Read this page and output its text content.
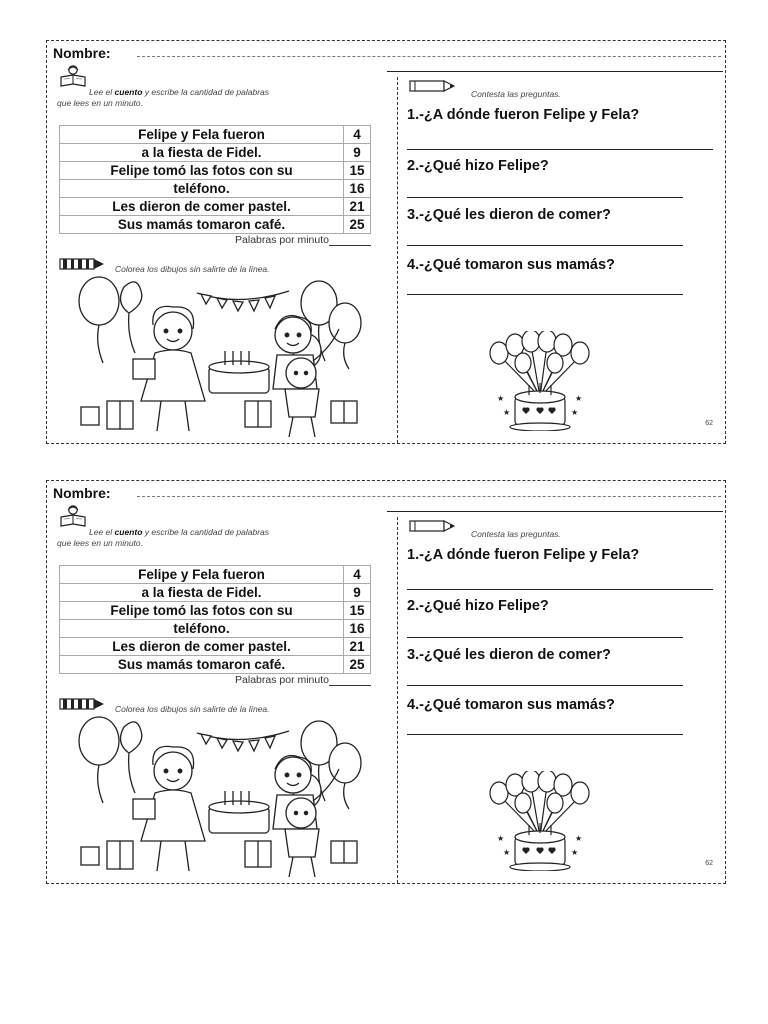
Nombre:
Lee el cuento y escribe la cantidad de palabras
que lees en un minuto.
Felipe y Fela fueron	4
a la fiesta de Fidel.	9
Felipe tomó las fotos con su	15
teléfono.	16
Les dieron de comer pastel.	21
Sus mamás tomaron café.	25
Palabras por minuto
Colorea los dibujos sin salirte de la línea.
Contesta las preguntas.
1.-¿A dónde fueron Felipe y Fela?
2.-¿Qué hizo Felipe?
3.-¿Qué les dieron de comer?
4.-¿Qué tomaron sus mamás?
★
★
★
★
62
Nombre:
Lee el cuento y escribe la cantidad de palabras
que lees en un minuto.
Felipe y Fela fueron	4
a la fiesta de Fidel.	9
Felipe tomó las fotos con su	15
teléfono.	16
Les dieron de comer pastel.	21
Sus mamás tomaron café.	25
Palabras por minuto
Colorea los dibujos sin salirte de la línea.
Contesta las preguntas.
1.-¿A dónde fueron Felipe y Fela?
2.-¿Qué hizo Felipe?
3.-¿Qué les dieron de comer?
4.-¿Qué tomaron sus mamás?
★
★
★
★
62
